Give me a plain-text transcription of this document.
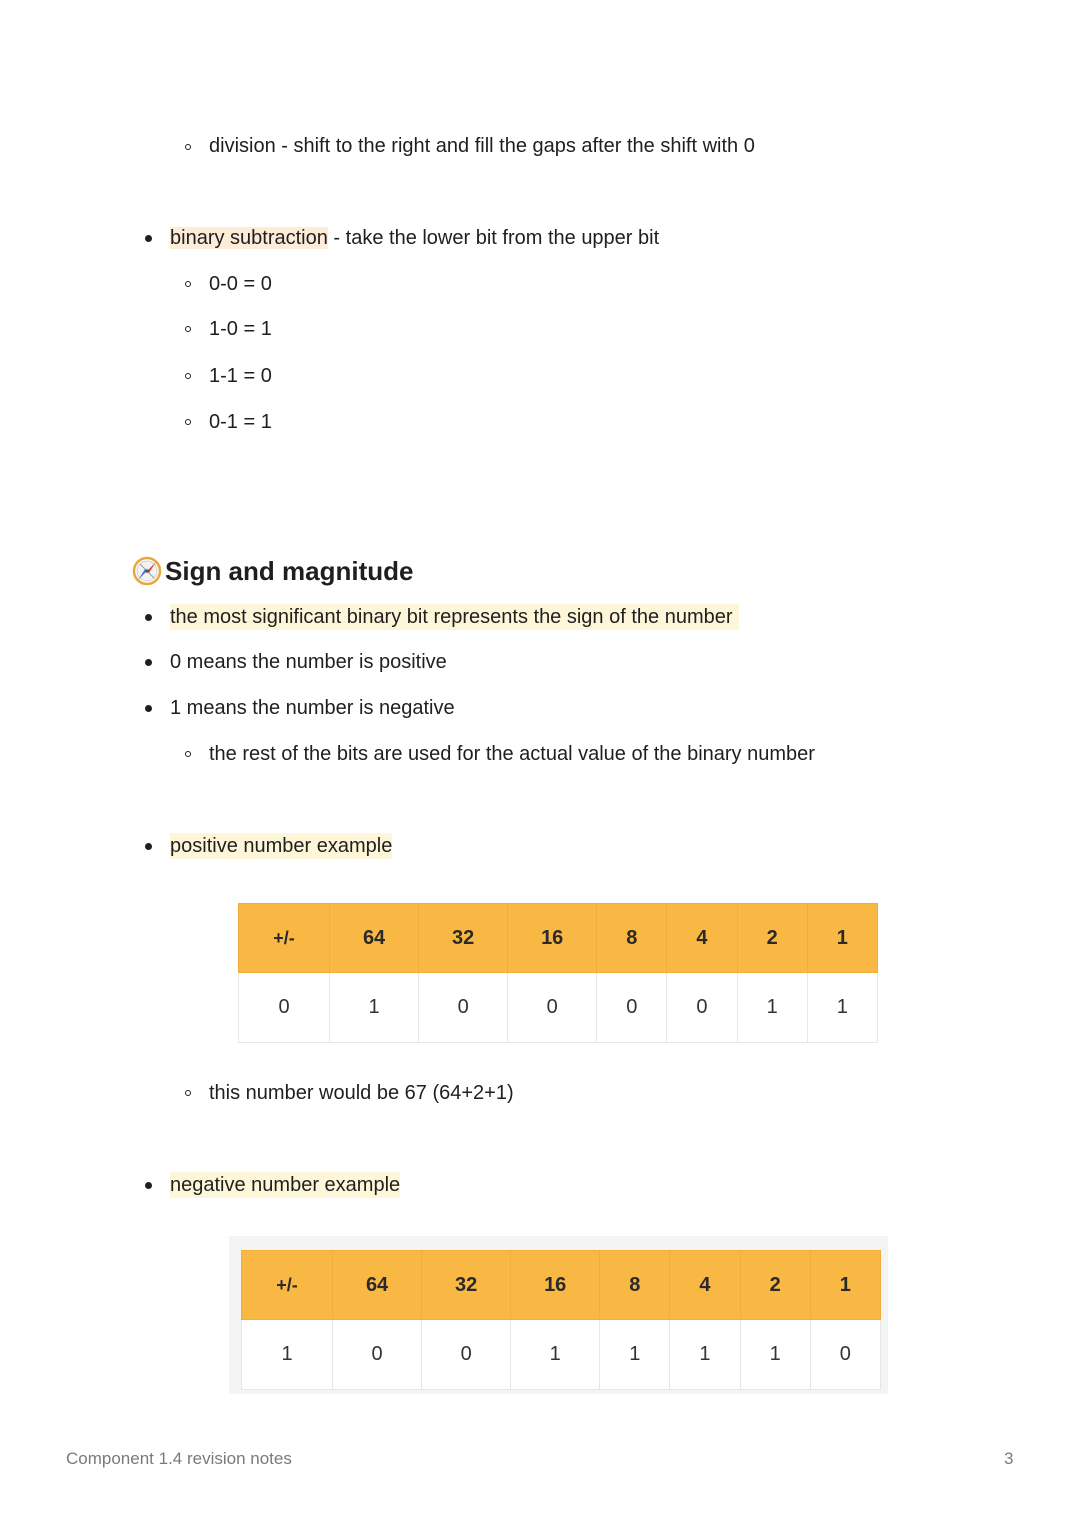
division - shift to the right and fill the gaps after the shift with 0
binary subtraction - take the lower bit from the upper bit
0-0 = 0
1-0 = 1
1-1 = 0
0-1 = 1
Sign and magnitude
the most significant binary bit represents the sign of the number
0 means the number is positive
1 means the number is negative
the rest of the bits are used for the actual value of the binary number
positive number example
+/-	64	32	16	8	4	2	1
0	1	0	0	0	0	1	1
this number would be 67 (64+2+1)
negative number example
+/-	64	32	16	8	4	2	1
1	0	0	1	1	1	1	0
Component 1.4 revision notes	3
